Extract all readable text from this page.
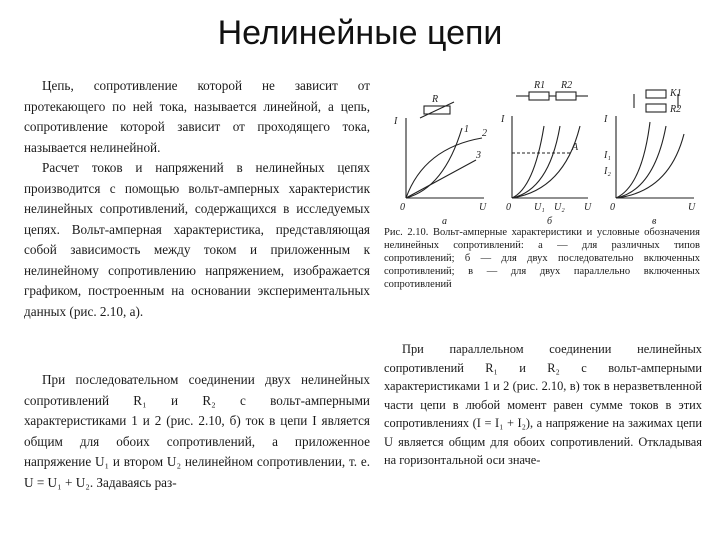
Нелинейные цепи

Цепь, сопротивление которой не зависит от протекающего по ней тока, называется линейной, а цепь, сопротивление которой зависит от проходящего тока, называется нелинейной.

Расчет токов и напряжений в нелинейных цепях производится с помощью вольт-амперных характеристик нелинейных сопротивлений, содержащихся в исследуемых цепях. Вольт-амперная характеристика, представляющая собой зависимость между током и приложенным к нелинейному сопротивлению напряжением, изображается графиком, построенным на основании экспериментальных данных (рис. 2.10, а).

При последовательном соединении двух нелинейных сопротивлений R₁ и R₂ с вольт-амперными характеристиками 1 и 2 (рис. 2.10, б) ток в цепи I является общим для обоих сопротивлений, а приложенное напряжение U₁ и втором U₂ нелинейном сопротивлении, т. е. U = U₁ + U₂. Задаваясь раз-

I
U
0
1 2
3
R
а
I
U
0
R1 R2
A
U₁ U₂
б
I
U
0
K1
R2
I₁
I₂
в
Рис. 2.10. Вольт-амперные характеристики и условные обозначения нелинейных сопротивлений: а — для различных типов сопротивлений; б — для двух последовательно включенных сопротивлений; в — для двух параллельно включенных сопротивлений

При параллельном соединении нелинейных сопротивлений R₁ и R₂ с вольт-амперными характеристиками 1 и 2 (рис. 2.10, в) ток в неразветвленной части цепи в любой момент равен сумме токов в этих сопротивлениях (I = I₁ + I₂), а напряжение на зажимах цепи U является общим для обоих сопротивлений. Откладывая на горизонтальной оси значе-
